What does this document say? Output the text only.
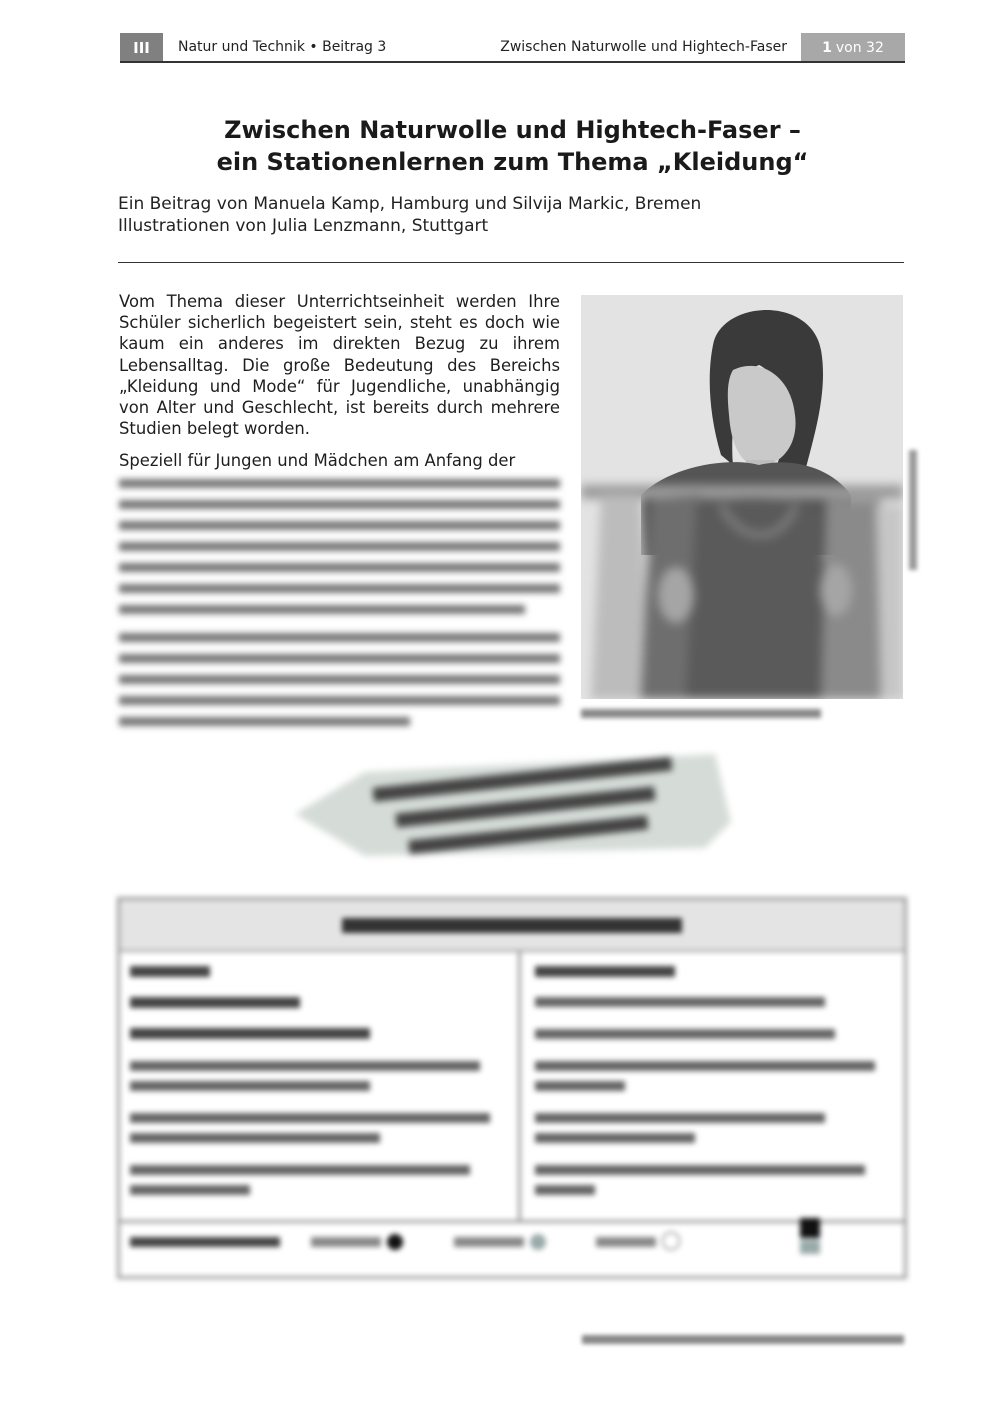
III	Natur und Technik • Beitrag 3	Zwischen Naturwolle und Hightech-Faser	1 von 32
Zwischen Naturwolle und Hightech-Faser –
ein Stationenlernen zum Thema „Kleidung“
Ein Beitrag von Manuela Kamp, Hamburg und Silvija Markic, Bremen
Illustrationen von Julia Lenzmann, Stuttgart
Vom Thema dieser Unterrichtseinheit werden Ihre Schüler sicherlich begeistert sein, steht es doch wie kaum ein anderes im direkten Bezug zu ihrem Lebensalltag. Die große Bedeutung des Bereichs „Kleidung und Mode“ für Jugendliche, unabhängig von Alter und Geschlecht, ist bereits durch mehrere Studien belegt worden.
Speziell für Jungen und Mädchen am Anfang der
